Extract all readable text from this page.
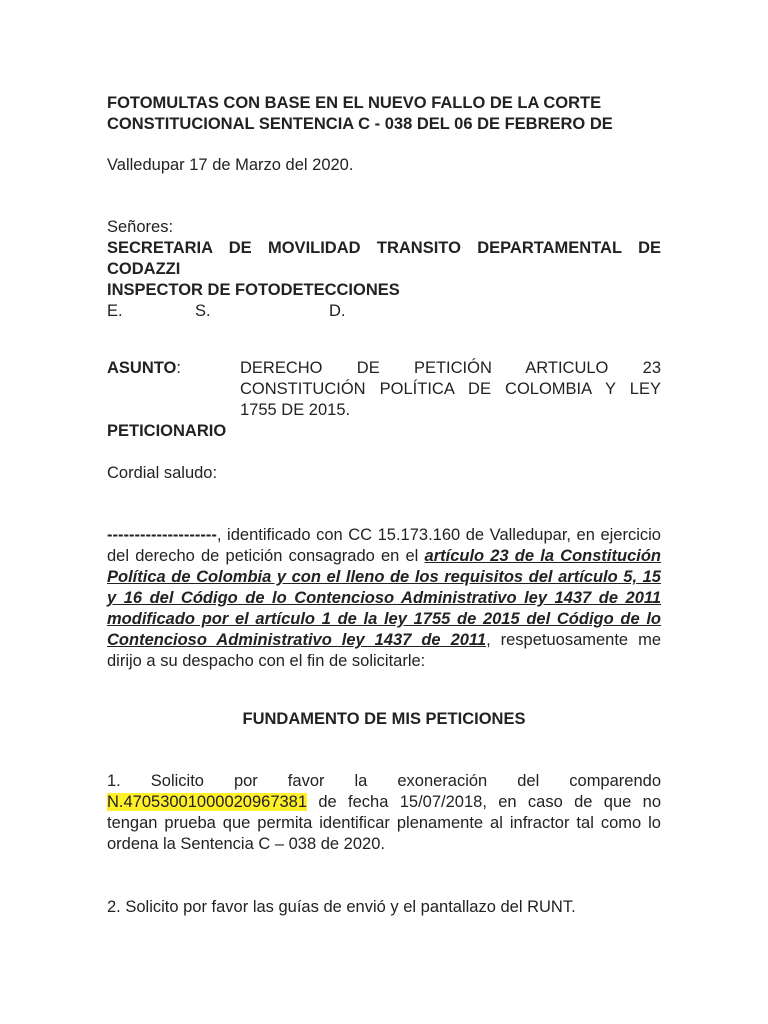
FOTOMULTAS CON BASE EN EL NUEVO FALLO DE LA CORTE
CONSTITUCIONAL SENTENCIA C - 038 DEL 06 DE FEBRERO DE

Valledupar 17 de Marzo del 2020.

Señores:

SECRETARIA DE MOVILIDAD TRANSITO DEPARTAMENTAL DE

CODAZZI

INSPECTOR DE FOTODETECCIONES

E.	S.	D.
ASUNTO:	DERECHO DE PETICIÓN ARTICULO 23
CONSTITUCIÓN POLÍTICA DE COLOMBIA Y LEY
1755 DE 2015.

PETICIONARIO

Cordial saludo:

--------------------, identificado con CC 15.173.160 de Valledupar, en ejercicio del derecho de petición consagrado en el artículo 23 de la Constitución Política de Colombia y con el lleno de los requisitos del artículo 5, 15 y 16 del Código de lo Contencioso Administrativo ley 1437 de 2011 modificado por el artículo 1 de la ley 1755 de 2015 del Código de lo Contencioso Administrativo ley 1437 de 2011, respetuosamente me dirijo a su despacho con el fin de solicitarle:

FUNDAMENTO DE MIS PETICIONES

1. Solicito por favor la exoneración del comparendo N.47053001000020967381 de fecha 15/07/2018, en caso de que no tengan prueba que permita identificar plenamente al infractor tal como lo ordena la Sentencia C – 038 de 2020.

2. Solicito por favor las guías de envió y el pantallazo del RUNT.
